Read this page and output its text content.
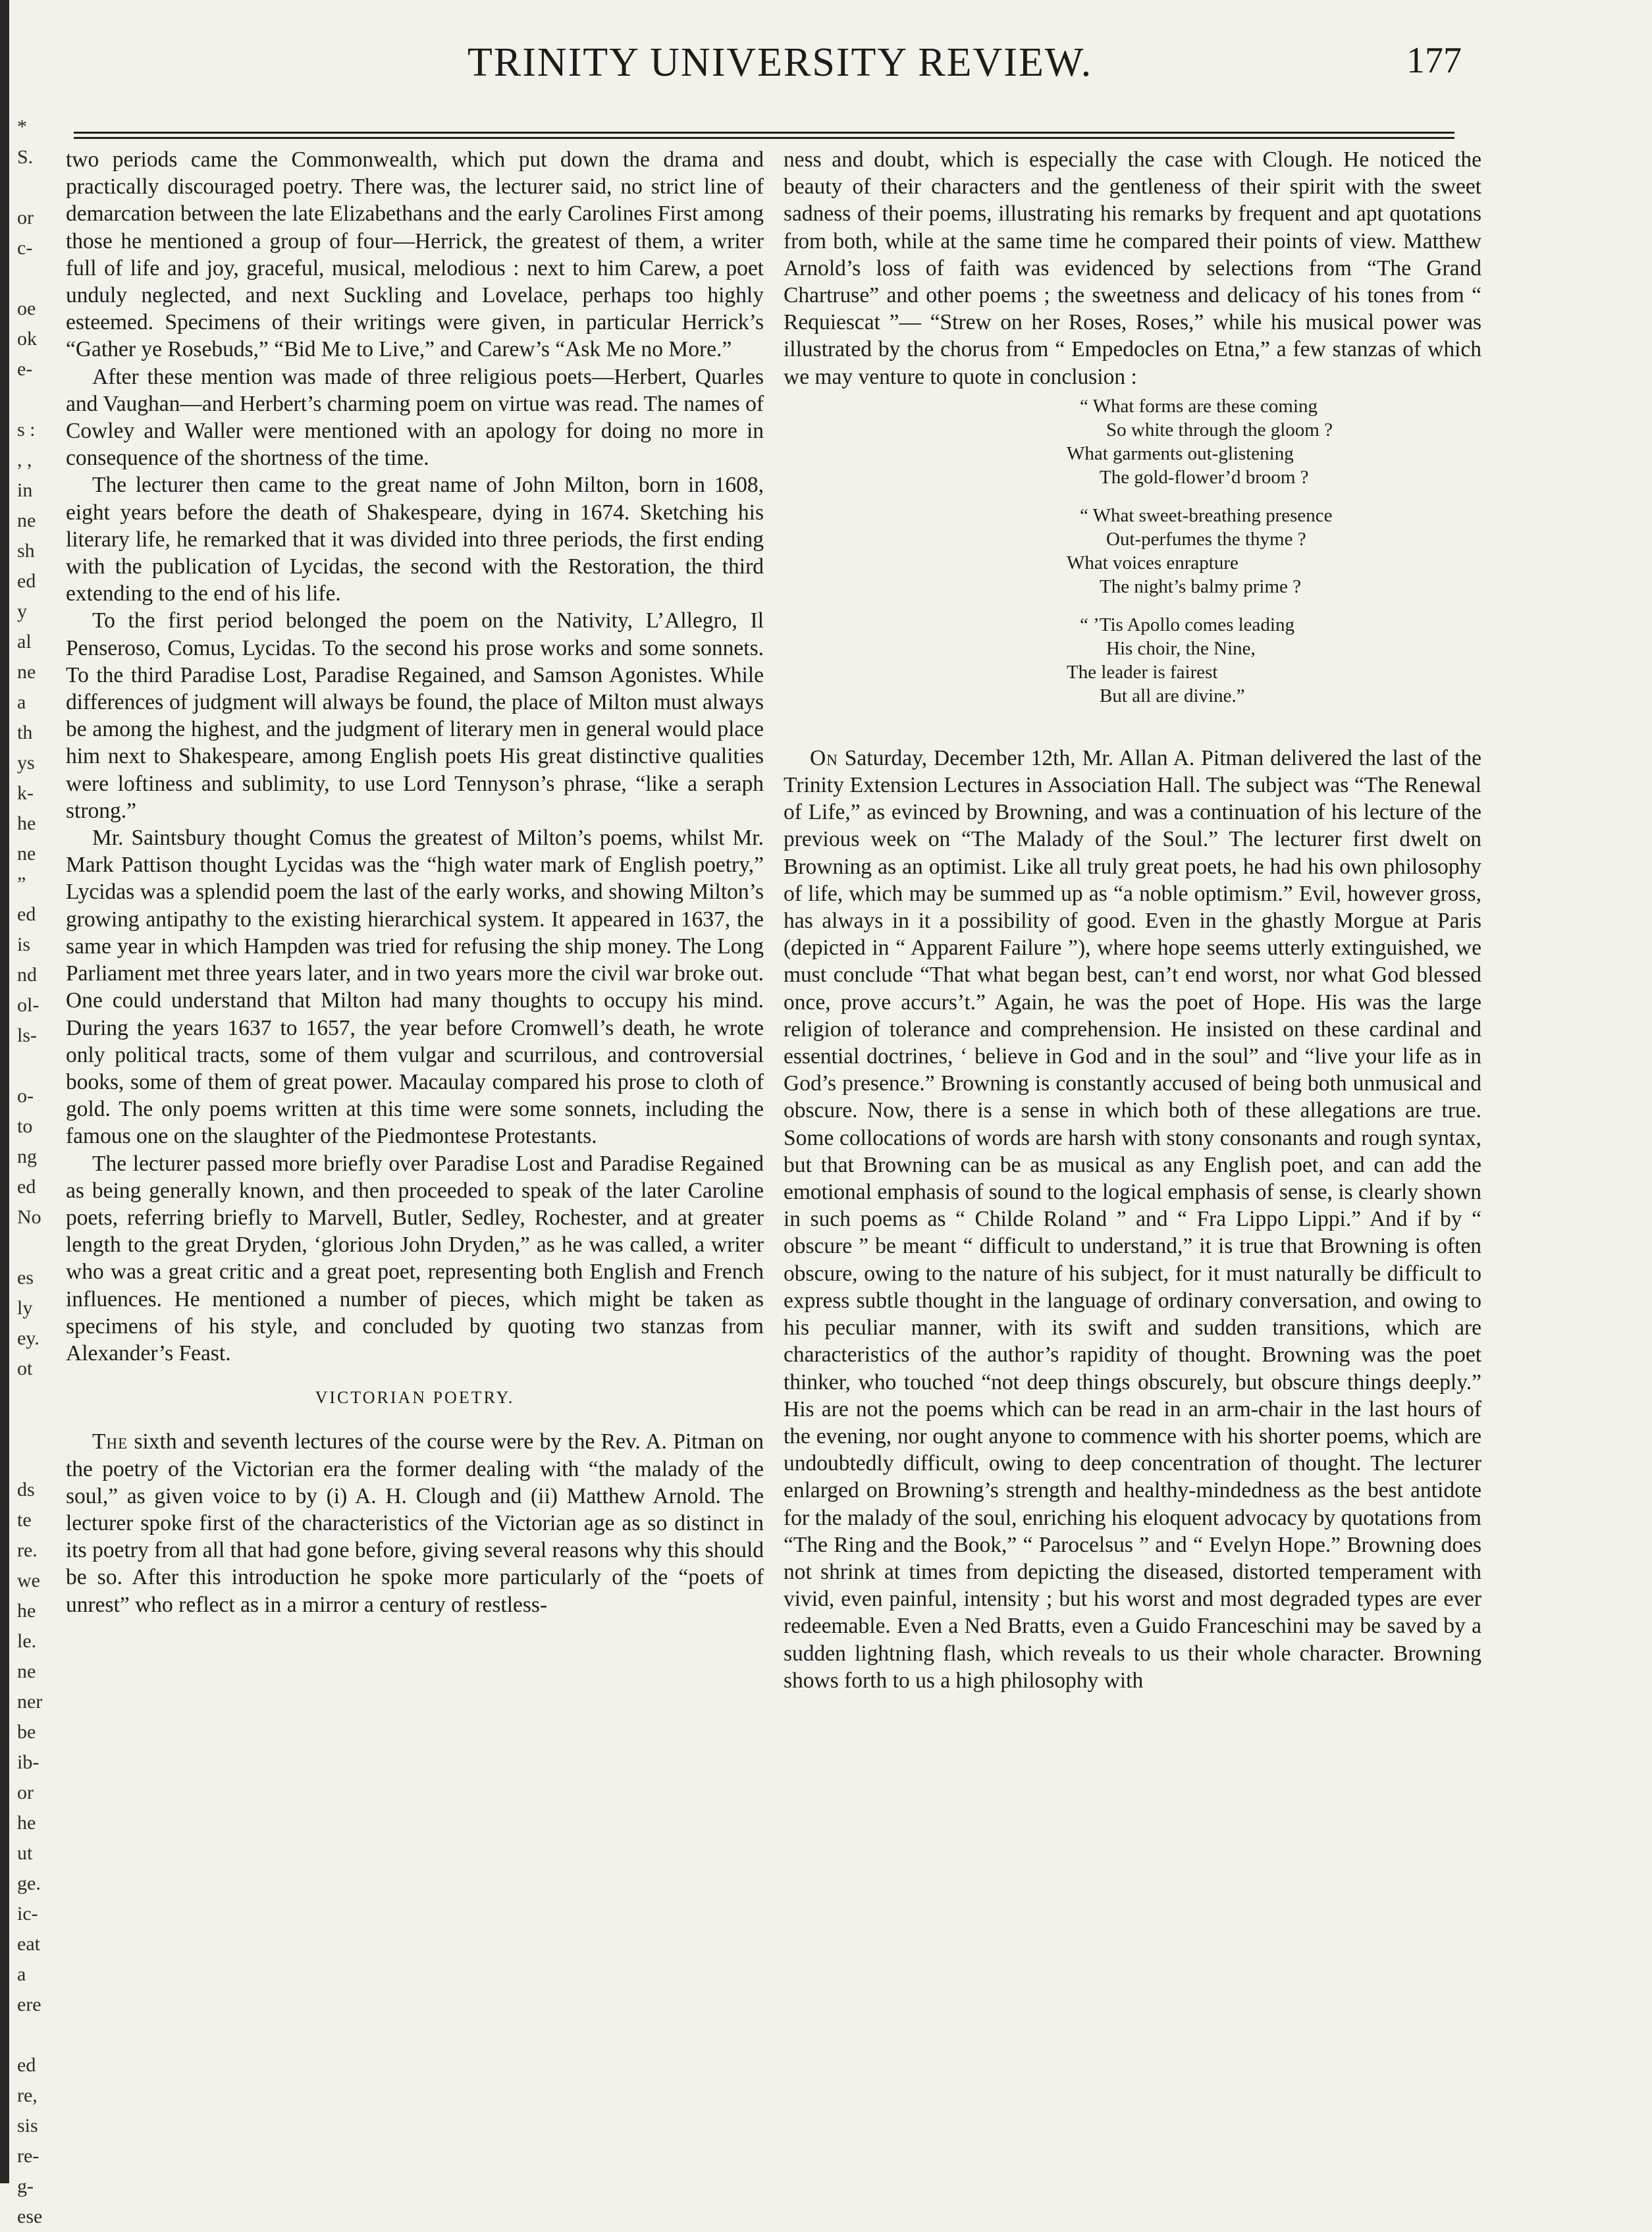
*
S.

or
c-

oe
ok
e-

s :
, ,
in
ne
sh
ed
y
al
ne
a
th
ys
k-
he
ne
”
ed
is
nd
ol-
ls-

o-
to
ng
ed
No

es
ly
ey.
ot

ds
te
re.
we
he
le.
ne
ner
be
ib-
or
he
ut
ge.
ic-
eat
a
ere

ed
re,
sis
re-
g-
ese
TRINITY UNIVERSITY REVIEW.	177

two periods came the Commonwealth, which put down the drama and practically discouraged poetry. There was, the lecturer said, no strict line of demarcation between the late Elizabethans and the early Carolines First among those he mentioned a group of four—Herrick, the greatest of them, a writer full of life and joy, graceful, musical, melodious : next to him Carew, a poet unduly neglected, and next Suckling and Lovelace, perhaps too highly esteemed. Specimens of their writings were given, in particular Herrick’s “Gather ye Rosebuds,” “Bid Me to Live,” and Carew’s “Ask Me no More.”

After these mention was made of three religious poets—Herbert, Quarles and Vaughan—and Herbert’s charming poem on virtue was read. The names of Cowley and Waller were mentioned with an apology for doing no more in consequence of the shortness of the time.

The lecturer then came to the great name of John Milton, born in 1608, eight years before the death of Shakespeare, dying in 1674. Sketching his literary life, he remarked that it was divided into three periods, the first ending with the publication of Lycidas, the second with the Restoration, the third extending to the end of his life.

To the first period belonged the poem on the Nativity, L’Allegro, Il Penseroso, Comus, Lycidas. To the second his prose works and some sonnets. To the third Paradise Lost, Paradise Regained, and Samson Agonistes. While differences of judgment will always be found, the place of Milton must always be among the highest, and the judgment of literary men in general would place him next to Shakespeare, among English poets His great distinctive qualities were loftiness and sublimity, to use Lord Tennyson’s phrase, “like a seraph strong.”

Mr. Saintsbury thought Comus the greatest of Milton’s poems, whilst Mr. Mark Pattison thought Lycidas was the “high water mark of English poetry,” Lycidas was a splendid poem the last of the early works, and showing Milton’s growing antipathy to the existing hierarchical system. It appeared in 1637, the same year in which Hampden was tried for refusing the ship money. The Long Parliament met three years later, and in two years more the civil war broke out. One could understand that Milton had many thoughts to occupy his mind. During the years 1637 to 1657, the year before Cromwell’s death, he wrote only political tracts, some of them vulgar and scurrilous, and controversial books, some of them of great power. Macaulay compared his prose to cloth of gold. The only poems written at this time were some sonnets, including the famous one on the slaughter of the Piedmontese Protestants.

The lecturer passed more briefly over Paradise Lost and Paradise Regained as being generally known, and then proceeded to speak of the later Caroline poets, referring briefly to Marvell, Butler, Sedley, Rochester, and at greater length to the great Dryden, ‘glorious John Dryden,” as he was called, a writer who was a great critic and a great poet, representing both English and French influences. He mentioned a number of pieces, which might be taken as specimens of his style, and concluded by quoting two stanzas from Alexander’s Feast.

VICTORIAN POETRY.

The sixth and seventh lectures of the course were by the Rev. A. Pitman on the poetry of the Victorian era the former dealing with “the malady of the soul,” as given voice to by (i) A. H. Clough and (ii) Matthew Arnold. The lecturer spoke first of the characteristics of the Victorian age as so distinct in its poetry from all that had gone before, giving several reasons why this should be so. After this introduction he spoke more particularly of the “poets of unrest” who reflect as in a mirror a century of restless-

ness and doubt, which is especially the case with Clough. He noticed the beauty of their characters and the gentleness of their spirit with the sweet sadness of their poems, illustrating his remarks by frequent and apt quotations from both, while at the same time he compared their points of view. Matthew Arnold’s loss of faith was evidenced by selections from “The Grand Chartruse” and other poems ; the sweetness and delicacy of his tones from “ Requiescat ”— “Strew on her Roses, Roses,” while his musical power was illustrated by the chorus from “ Empedocles on Etna,” a few stanzas of which we may venture to quote in conclusion :

“ What forms are these coming
So white through the gloom ?
What garments out-glistening
The gold-flower’d broom ?
“ What sweet-breathing presence
Out-perfumes the thyme ?
What voices enrapture
The night’s balmy prime ?
“ ’Tis Apollo comes leading
His choir, the Nine,
The leader is fairest
But all are divine.”

On Saturday, December 12th, Mr. Allan A. Pitman delivered the last of the Trinity Extension Lectures in Association Hall. The subject was “The Renewal of Life,” as evinced by Browning, and was a continuation of his lecture of the previous week on “The Malady of the Soul.” The lecturer first dwelt on Browning as an optimist. Like all truly great poets, he had his own philosophy of life, which may be summed up as “a noble optimism.” Evil, however gross, has always in it a possibility of good. Even in the ghastly Morgue at Paris (depicted in “ Apparent Failure ”), where hope seems utterly extinguished, we must conclude “That what began best, can’t end worst, nor what God blessed once, prove accurs’t.” Again, he was the poet of Hope. His was the large religion of tolerance and comprehension. He insisted on these cardinal and essential doctrines, ‘ believe in God and in the soul” and “live your life as in God’s presence.” Browning is constantly accused of being both unmusical and obscure. Now, there is a sense in which both of these allegations are true. Some collocations of words are harsh with stony consonants and rough syntax, but that Browning can be as musical as any English poet, and can add the emotional emphasis of sound to the logical emphasis of sense, is clearly shown in such poems as “ Childe Roland ” and “ Fra Lippo Lippi.” And if by “ obscure ” be meant “ difficult to understand,” it is true that Browning is often obscure, owing to the nature of his subject, for it must naturally be difficult to express subtle thought in the language of ordinary conversation, and owing to his peculiar manner, with its swift and sudden transitions, which are characteristics of the author’s rapidity of thought. Browning was the poet thinker, who touched “not deep things obscurely, but obscure things deeply.” His are not the poems which can be read in an arm-chair in the last hours of the evening, nor ought anyone to commence with his shorter poems, which are undoubtedly difficult, owing to deep concentration of thought. The lecturer enlarged on Browning’s strength and healthy-mindedness as the best antidote for the malady of the soul, enriching his eloquent advocacy by quotations from “The Ring and the Book,” “ Parocelsus ” and “ Evelyn Hope.” Browning does not shrink at times from depicting the diseased, distorted temperament with vivid, even painful, intensity ; but his worst and most degraded types are ever redeemable. Even a Ned Bratts, even a Guido Franceschini may be saved by a sudden lightning flash, which reveals to us their whole character. Browning shows forth to us a high philosophy with
